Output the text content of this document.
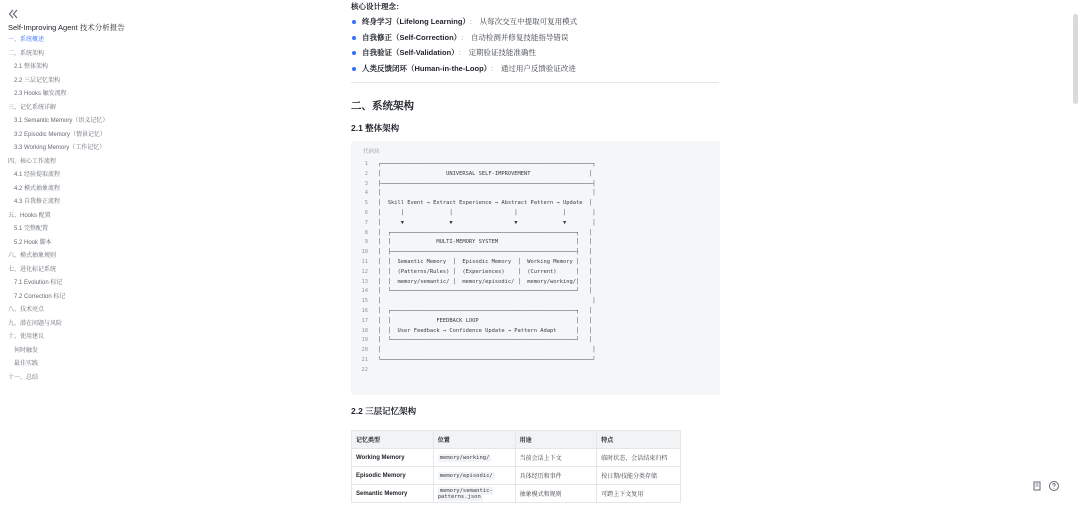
Self-Improving Agent 技术分析报告
一、系统概述
二、系统架构
2.1 整体架构
2.2 三层记忆架构
2.3 Hooks 触发流程
三、记忆系统详解
3.1 Semantic Memory（语义记忆）
3.2 Episodic Memory（情景记忆）
3.3 Working Memory（工作记忆）
四、核心工作流程
4.1 经验提取流程
4.2 模式抽象流程
4.3 自我修正流程
五、Hooks 配置
5.1 完整配置
5.2 Hook 脚本
六、模式抽象规则
七、进化标记系统
7.1 Evolution 标记
7.2 Correction 标记
八、技术亮点
九、潜在问题与风险
十、使用建议
何时触发
最佳实践
十一、总结
核心设计理念：
终身学习（Lifelong Learning） ： 从每次交互中提取可复用模式
自我修正（Self-Correction） ： 自动检测并修复技能指导错误
自我验证（Self-Validation） ： 定期验证技能准确性
人类反馈闭环（Human-in-the-Loop） ： 通过用户反馈验证改进
二、系统架构
2.1 整体架构
代码块
1 ┌─────────────────────────────────────────────────────────────────┐
2 │                    UNIVERSAL SELF-IMPROVEMENT                  │
3 ├─────────────────────────────────────────────────────────────────┤
4 │                                                                 │
5 │  Skill Event → Extract Experience → Abstract Pattern → Update  │
6 │      │              │                   │              │        │
7 │      ▼              ▼                   ▼              ▼        │
8 │  ┌─────────────────────────────────────────────────────────┐   │
9 │  │              MULTI-MEMORY SYSTEM                        │   │
10 │  ├─────────────────────────────────────────────────────────┤   │
11 │  │  Semantic Memory  │  Episodic Memory  │  Working Memory │   │
12 │  │  (Patterns/Rules) │  (Experiences)    │  (Current)      │   │
13 │  │  memory/semantic/ │  memory/episodic/ │  memory/working/│   │
14 │  └─────────────────────────────────────────────────────────┘   │
15 │                                                                 │
16 │  ┌─────────────────────────────────────────────────────────┐   │
17 │  │              FEEDBACK LOOP                              │   │
18 │  │  User Feedback → Confidence Update → Pattern Adapt      │   │
19 │  └─────────────────────────────────────────────────────────┘   │
20 │                                                                 │
21 └─────────────────────────────────────────────────────────────────┘
22
2.2 三层记忆架构
记忆类型	位置	用途	特点
Working Memory	memory/working/	当前会话上下文	临时状态、会话结束归档
Episodic Memory	memory/episodic/	具体经历和事件	按日期/技能分类存储
Semantic Memory	memory/semantic-patterns.json	抽象模式和规则	可跨上下文复用
